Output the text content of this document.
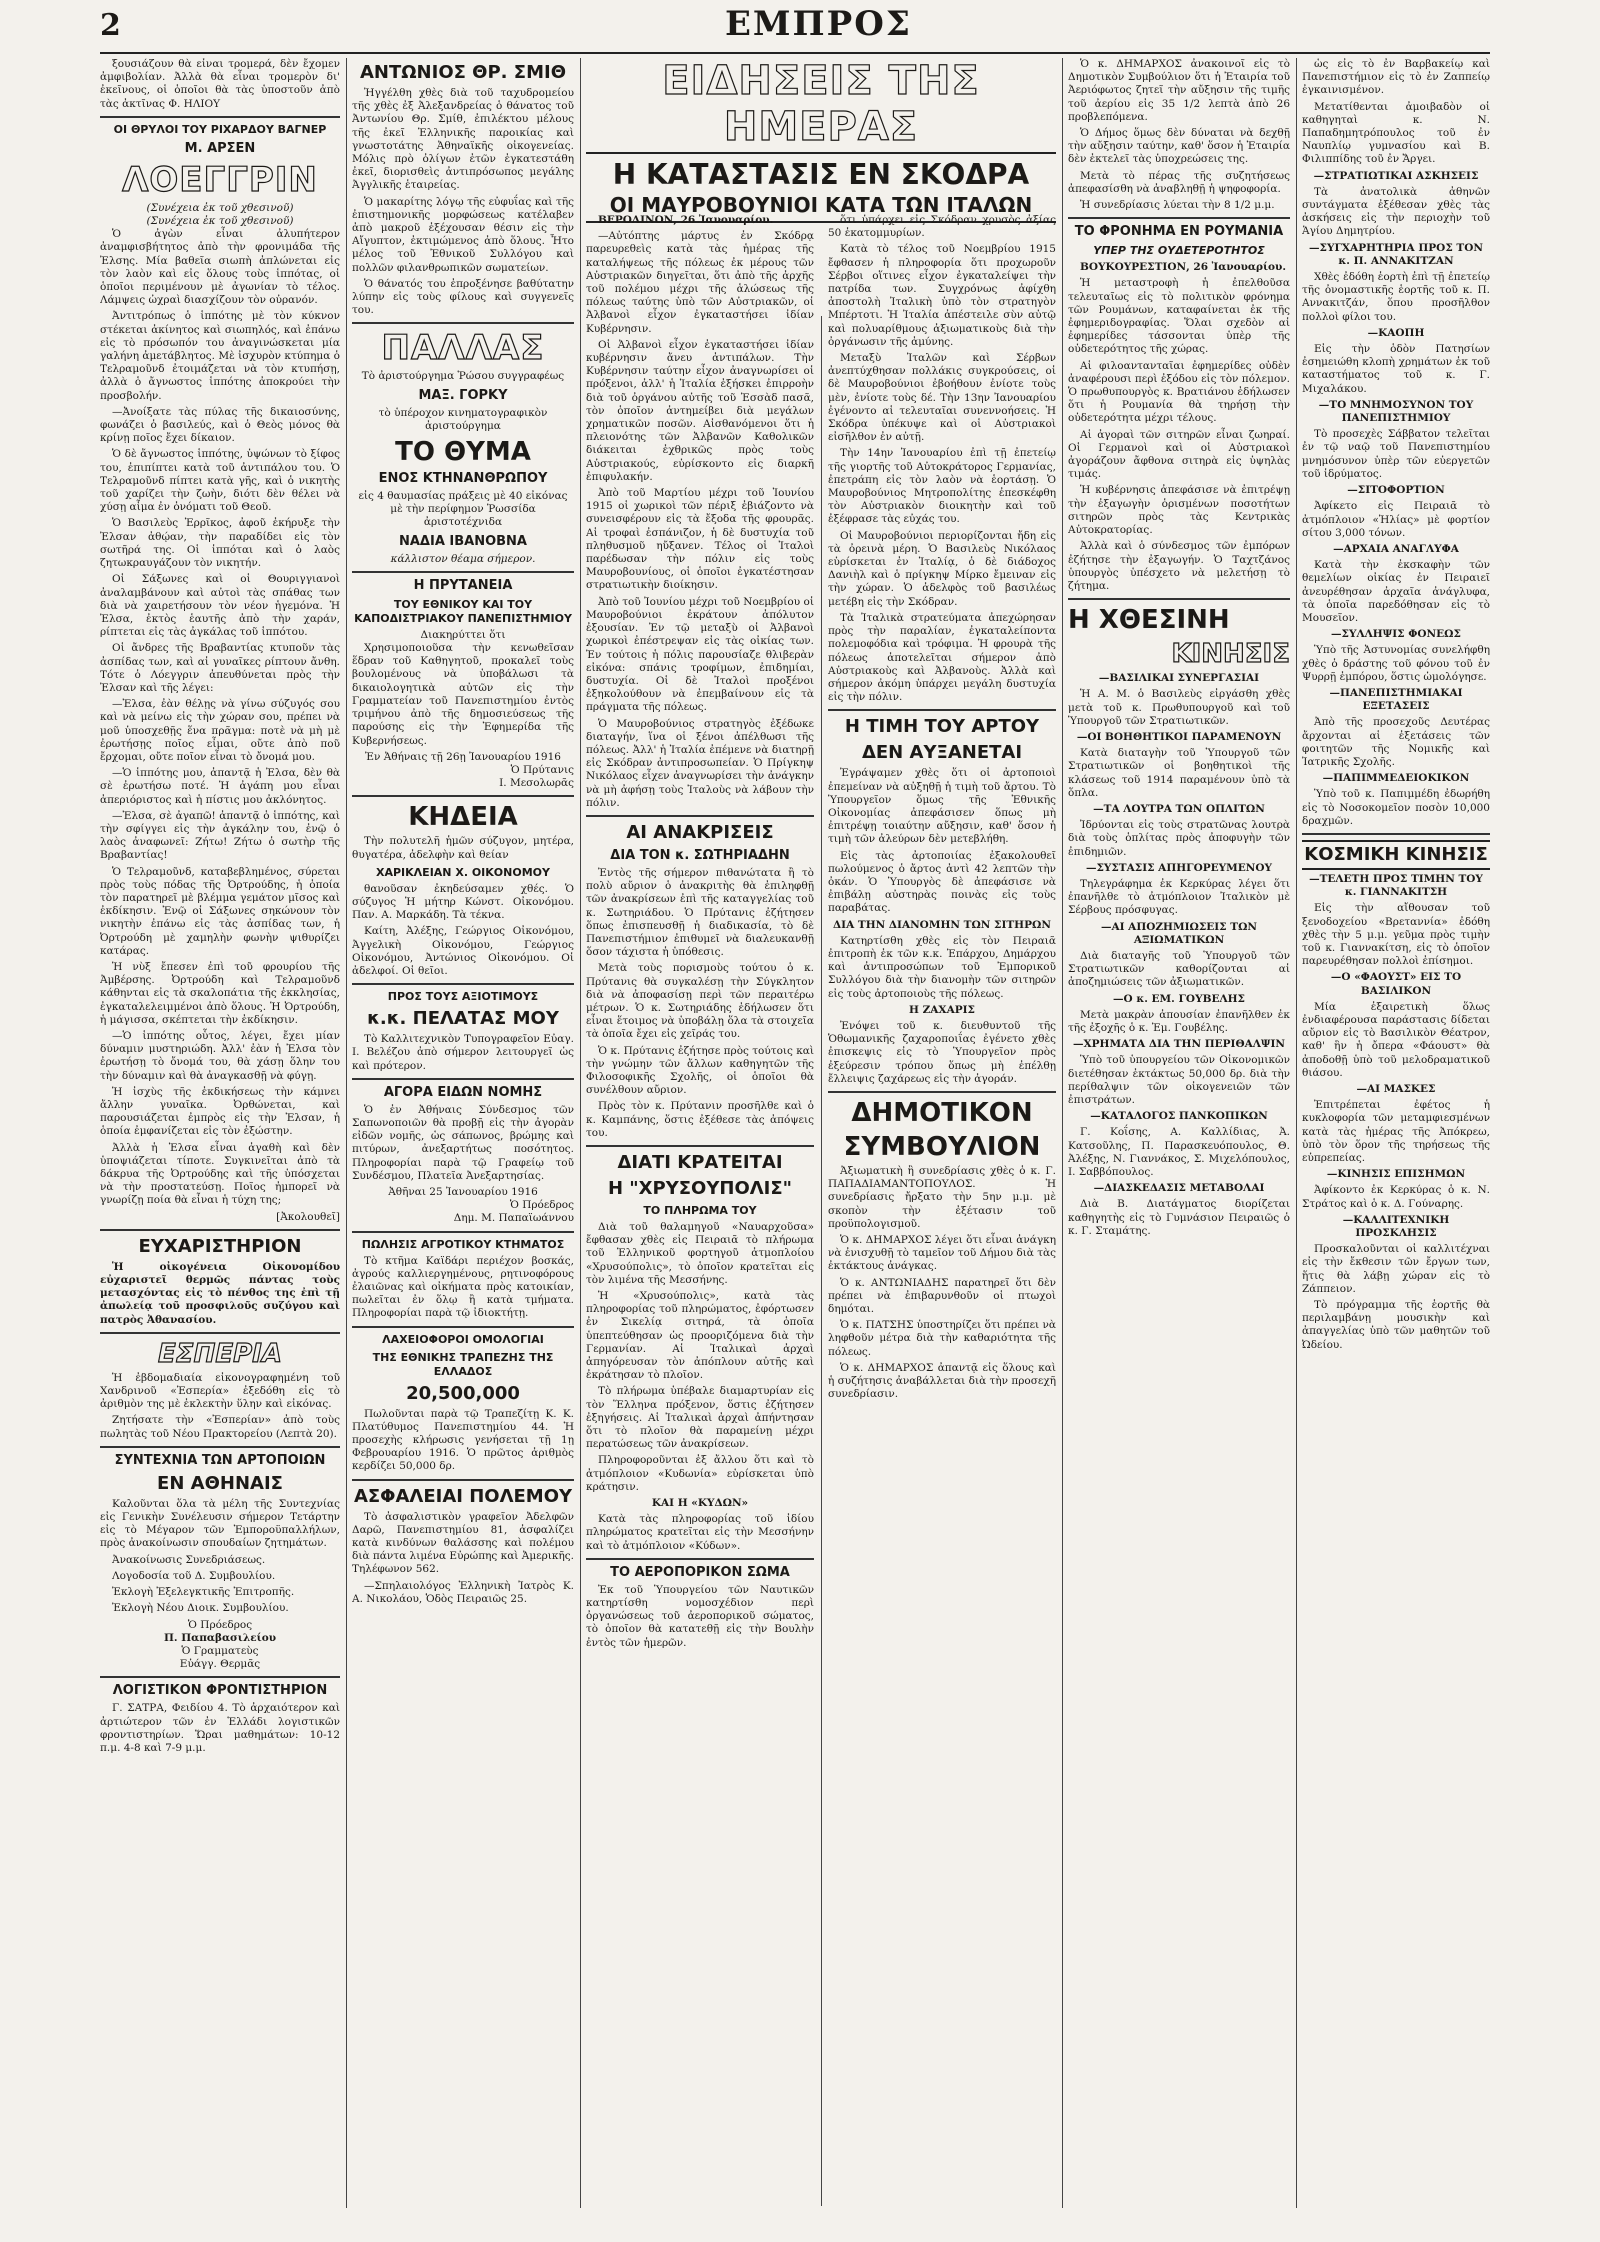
2	ΕΜΠΡΟΣ

ξουσιάζουν θὰ εἶναι τρομερά, δὲν ἔχομεν ἀμφιβολίαν. Ἀλλὰ θὰ εἶναι τρομερὸν δι' ἐκεῖνους, οἱ ὁποῖοι θὰ τὰς ὑποστοῦν ἀπὸ τὰς ἀκτῖνας Φ. ΗΛΙΟΥ

ΟΙ ΘΡΥΛΟΙ ΤΟΥ ΡΙΧΑΡΔΟΥ ΒΑΓΝΕΡ
Μ. ΑΡΣΕΝ
ΛΟΕΓΓΡΙΝ
(Συνέχεια ἐκ τοῦ χθεσινοῦ)
(Συνέχεια ἐκ τοῦ χθεσινοῦ)

Ὁ ἀγὼν εἶναι ἀλυπήτερον ἀναμφισβήτητος ἀπὸ τὴν φρονιμάδα τῆς Ἐλσης. Μία βαθεῖα σιωπὴ ἀπλώνεται εἰς τὸν λαὸν καὶ εἰς ὅλους τοὺς ἱππότας, οἱ ὁποῖοι περιμένουν μὲ ἀγωνίαν τὸ τέλος. Λάμψεις ὠχραὶ διασχίζουν τὸν οὐρανόν.

Ἀντιτρόπως ὁ ἱππότης μὲ τὸν κύκνον στέκεται ἀκίνητος καὶ σιωπηλός, καὶ ἐπάνω εἰς τὸ πρόσωπόν του ἀναγινώσκεται μία γαλήνη ἀμετάβλητος. Μὲ ἰσχυρὸν κτύπημα ὁ Τελραμοῦνδ ἐτοιμάζεται νὰ τὸν κτυπήσῃ, ἀλλὰ ὁ ἄγνωστος ἱππότης ἀποκρούει τὴν προσβολήν.

—Ἀνοίξατε τὰς πύλας τῆς δικαιοσύνης, φωνάζει ὁ βασιλεύς, καὶ ὁ Θεὸς μόνος θὰ κρίνῃ ποῖος ἔχει δίκαιον.

Ὁ δὲ ἄγνωστος ἱππότης, ὑψώνων τὸ ξίφος του, ἐπιπίπτει κατὰ τοῦ ἀντιπάλου του. Ὁ Τελραμοῦνδ πίπτει κατὰ γῆς, καὶ ὁ νικητὴς τοῦ χαρίζει τὴν ζωὴν, διότι δὲν θέλει νὰ χύσῃ αἷμα ἐν ὀνόματι τοῦ Θεοῦ.

Ὁ Βασιλεὺς Ἐρρῖκος, ἀφοῦ ἐκήρυξε τὴν Ἐλσαν ἀθῴαν, τὴν παραδίδει εἰς τὸν σωτῆρά της. Οἱ ἱππόται καὶ ὁ λαὸς ζητωκραυγάζουν τὸν νικητήν.

Οἱ Σάξωνες καὶ οἱ Θουριγγιανοὶ ἀναλαμβάνουν καὶ αὐτοὶ τὰς σπάθας των διὰ νὰ χαιρετήσουν τὸν νέον ἡγεμόνα. Ἡ Ἐλσα, ἐκτὸς ἑαυτῆς ἀπὸ τὴν χαράν, ρίπτεται εἰς τὰς ἀγκάλας τοῦ ἱππότου.

Οἱ ἄνδρες τῆς Βραβαντίας κτυποῦν τὰς ἀσπίδας των, καὶ αἱ γυναῖκες ρίπτουν ἄνθη. Τότε ὁ Λόεγγριν ἀπευθύνεται πρὸς τὴν Ἐλσαν καὶ τῆς λέγει:

—Ἐλσα, ἐὰν θέλῃς νὰ γίνω σύζυγός σου καὶ νὰ μείνω εἰς τὴν χώραν σου, πρέπει νὰ μοῦ ὑποσχεθῇς ἕνα πρᾶγμα: ποτὲ νὰ μὴ μὲ ἐρωτήσῃς ποῖος εἶμαι, οὔτε ἀπὸ ποῦ ἔρχομαι, οὔτε ποῖον εἶναι τὸ ὄνομά μου.

—Ὁ ἱππότης μου, ἀπαντᾷ ἡ Ἐλσα, δὲν θὰ σὲ ἐρωτήσω ποτέ. Ἡ ἀγάπη μου εἶναι ἀπεριόριστος καὶ ἡ πίστις μου ἀκλόνητος.

—Ἐλσα, σὲ ἀγαπῶ! ἀπαντᾷ ὁ ἱππότης, καὶ τὴν σφίγγει εἰς τὴν ἀγκάλην του, ἐνῷ ὁ λαὸς ἀναφωνεῖ: Ζήτω! Ζήτω ὁ σωτὴρ τῆς Βραβαντίας!

Ὁ Τελραμοῦνδ, καταβεβλημένος, σύρεται πρὸς τοὺς πόδας τῆς Ὀρτρούδης, ἡ ὁποία τὸν παρατηρεῖ μὲ βλέμμα γεμάτον μῖσος καὶ ἐκδίκησιν. Ἐνῷ οἱ Σάξωνες σηκώνουν τὸν νικητὴν ἐπάνω εἰς τὰς ἀσπίδας των, ἡ Ὀρτρούδη μὲ χαμηλὴν φωνὴν ψιθυρίζει κατάρας.

Ἡ νὺξ ἔπεσεν ἐπὶ τοῦ φρουρίου τῆς Ἀμβέρσης. Ὀρτρούδη καὶ Τελραμοῦνδ κάθηνται εἰς τὰ σκαλοπάτια τῆς ἐκκλησίας, ἐγκαταλελειμμένοι ἀπὸ ὅλους. Ἡ Ὀρτρούδη, ἡ μάγισσα, σκέπτεται τὴν ἐκδίκησιν.

—Ὁ ἱππότης οὗτος, λέγει, ἔχει μίαν δύναμιν μυστηριώδη. Ἀλλ' ἐὰν ἡ Ἐλσα τὸν ἐρωτήσῃ τὸ ὄνομά του, θὰ χάσῃ ὅλην του τὴν δύναμιν καὶ θὰ ἀναγκασθῇ νὰ φύγῃ.

Ἡ ἰσχὺς τῆς ἐκδικήσεως τὴν κάμνει ἄλλην γυναῖκα. Ὀρθώνεται, καὶ παρουσιάζεται ἐμπρὸς εἰς τὴν Ἐλσαν, ἡ ὁποία ἐμφανίζεται εἰς τὸν ἐξώστην.

Ἀλλὰ ἡ Ἐλσα εἶναι ἀγαθὴ καὶ δὲν ὑποψιάζεται τίποτε. Συγκινεῖται ἀπὸ τὰ δάκρυα τῆς Ὀρτρούδης καὶ τῆς ὑπόσχεται νὰ τὴν προστατεύσῃ. Ποῖος ἠμπορεῖ νὰ γνωρίζῃ ποία θὰ εἶναι ἡ τύχη της;

[Ἀκολουθεῖ]
ΕΥΧΑΡΙΣΤΗΡΙΟΝ

Ἡ οἰκογένεια Οἰκονομίδου εὐχαριστεῖ θερμῶς πάντας τοὺς μετασχόντας εἰς τὸ πένθος της ἐπὶ τῇ ἀπωλείᾳ τοῦ προσφιλοῦς συζύγου καὶ πατρὸς Ἀθανασίου.

ΕΣΠΕΡΙΑ

Ἡ ἐβδομαδιαία εἰκονογραφημένη τοῦ Χανδρινοῦ «Ἐσπερία» ἐξεδόθη εἰς τὸ ἀριθμὸν της μὲ ἐκλεκτὴν ὕλην καὶ εἰκόνας.

Ζητήσατε τὴν «Ἐσπερίαν» ἀπὸ τοὺς πωλητὰς τοῦ Νέου Πρακτορείου (Λεπτὰ 20).

ΣΥΝΤΕΧΝΙΑ ΤΩΝ ΑΡΤΟΠΟΙΩΝ
ΕΝ ΑΘΗΝΑΙΣ

Καλοῦνται ὅλα τὰ μέλη τῆς Συντεχνίας εἰς Γενικὴν Συνέλευσιν σήμερον Τετάρτην εἰς τὸ Μέγαρον τῶν Ἐμποροϋπαλλήλων, πρὸς ἀνακοίνωσιν σπουδαίων ζητημάτων.

Ἀνακοίνωσις Συνεδριάσεως.

Λογοδοσία τοῦ Δ. Συμβουλίου.

Ἐκλογὴ Ἐξελεγκτικῆς Ἐπιτροπῆς.

Ἐκλογὴ Νέου Διοικ. Συμβουλίου.

Ὁ Πρόεδρος
Π. Παπαβασιλείου
Ὁ Γραμματεὺς
Εὐάγγ. Θερμᾶς
ΛΟΓΙΣΤΙΚΟΝ ΦΡΟΝΤΙΣΤΗΡΙΟΝ

Γ. ΣΑΤΡΑ, Φειδίου 4. Τὸ ἀρχαιότερον καὶ ἀρτιώτερον τῶν ἐν Ἑλλάδι λογιστικῶν φροντιστηρίων. Ὥραι μαθημάτων: 10-12 π.μ. 4-8 καὶ 7-9 μ.μ.

ΑΝΤΩΝΙΟΣ ΘΡ. ΣΜΙΘ

Ἠγγέλθη χθὲς διὰ τοῦ ταχυδρομείου τῆς χθὲς ἐξ Ἀλεξανδρείας ὁ θάνατος τοῦ Ἀντωνίου Θρ. Σμίθ, ἐπιλέκτου μέλους τῆς ἐκεῖ Ἑλληνικῆς παροικίας καὶ γνωστοτάτης Ἀθηναϊκῆς οἰκογενείας. Μόλις πρὸ ὀλίγων ἐτῶν ἐγκατεστάθη ἐκεῖ, διορισθεὶς ἀντιπρόσωπος μεγάλης Ἀγγλικῆς ἑταιρείας.

Ὁ μακαρίτης λόγῳ τῆς εὐφυΐας καὶ τῆς ἐπιστημονικῆς μορφώσεως κατέλαβεν ἀπὸ μακροῦ ἐξέχουσαν θέσιν εἰς τὴν Αἴγυπτον, ἐκτιμώμενος ἀπὸ ὅλους. Ἦτο μέλος τοῦ Ἐθνικοῦ Συλλόγου καὶ πολλῶν φιλανθρωπικῶν σωματείων.

Ὁ θάνατός του ἐπροξένησε βαθύτατην λύπην εἰς τοὺς φίλους καὶ συγγενεῖς του.

ΠΑΛΛΑΣ
Τὸ ἀριστούργημα Ῥώσου συγγραφέως
ΜΑΞ. ΓΟΡΚΥ
τὸ ὑπέροχον κινηματογραφικὸν ἀριστούργημα
ΤΟ ΘΥΜΑ
ΕΝΟΣ ΚΤΗΝΑΝΘΡΩΠΟΥ
εἰς 4 θαυμασίας πράξεις μὲ 40 εἰκόνας μὲ τὴν περίφημον Ῥωσσίδα ἀριστοτέχνιδα
ΝΑΔΙΑ ΙΒΑΝΟΒΝΑ
κάλλιστον θέαμα σήμερον.
Η ΠΡΥΤΑΝΕΙΑ
ΤΟΥ ΕΘΝΙΚΟΥ ΚΑΙ ΤΟΥ ΚΑΠΟΔΙΣΤΡΙΑΚΟΥ ΠΑΝΕΠΙΣΤΗΜΙΟΥ
Διακηρύττει ὅτι

Χρησιμοποιοῦσα τὴν κενωθεῖσαν ἕδραν τοῦ Καθηγητοῦ, προκαλεῖ τοὺς βουλομένους νὰ ὑποβάλωσι τὰ δικαιολογητικὰ αὐτῶν εἰς τὴν Γραμματείαν τοῦ Πανεπιστημίου ἐντὸς τριμήνου ἀπὸ τῆς δημοσιεύσεως τῆς παρούσης εἰς τὴν Ἐφημερίδα τῆς Κυβερνήσεως.

Ἐν Ἀθήναις τῇ 26ῃ Ἰανουαρίου 1916
Ὁ Πρύτανις
Ι. Μεσολωρᾶς
ΚΗΔΕΙΑ

Τὴν πολυτελῆ ἡμῶν σύζυγον, μητέρα, θυγατέρα, ἀδελφὴν καὶ θείαν

ΧΑΡΙΚΛΕΙΑΝ Χ. ΟΙΚΟΝΟΜΟΥ

θανοῦσαν ἐκηδεύσαμεν χθές. Ὁ σύζυγος Ἡ μήτηρ Κώνστ. Οἰκονόμου. Παν. Α. Μαρκάδη. Τὰ τέκνα.

Καίτη, Ἀλέξης, Γεώργιος Οἰκονόμου, Ἀγγελικὴ Οἰκονόμου, Γεώργιος Οἰκονόμου, Ἀντώνιος Οἰκονόμου. Οἱ ἀδελφοί. Οἱ θεῖοι.

ΠΡΟΣ ΤΟΥΣ ΑΞΙΟΤΙΜΟΥΣ
κ.κ. ΠΕΛΑΤΑΣ ΜΟΥ

Τὸ Καλλιτεχνικὸν Τυπογραφεῖον Εὐαγ. Ι. Βελέζου ἀπὸ σήμερον λειτουργεῖ ὡς καὶ πρότερον.

ΑΓΟΡΑ ΕΙΔΩΝ ΝΟΜΗΣ

Ὁ ἐν Ἀθήναις Σύνδεσμος τῶν Σαπωνοποιῶν θὰ προβῇ εἰς τὴν ἀγορὰν εἰδῶν νομῆς, ὡς σάπωνος, βρώμης καὶ πιτύρων, ἀνεξαρτήτως ποσότητος. Πληροφορίαι παρὰ τῷ Γραφείῳ τοῦ Συνδέσμου, Πλατεῖα Ἀνεξαρτησίας.

Ἀθῆναι 25 Ἰανουαρίου 1916
Ὁ Πρόεδρος
Δημ. Μ. Παπαϊωάννου
ΠΩΛΗΣΙΣ ΑΓΡΟΤΙΚΟΥ ΚΤΗΜΑΤΟΣ

Τὸ κτῆμα Καϊδάρι περιέχον βοσκάς, ἀγρούς καλλιεργημένους, ρητινοφόρους ἐλαιῶνας καὶ οἰκήματα πρὸς κατοικίαν, πωλεῖται ἐν ὅλῳ ἢ κατὰ τμήματα. Πληροφορίαι παρὰ τῷ ἰδιοκτήτῃ.

ΛΑΧΕΙΟΦΟΡΟΙ ΟΜΟΛΟΓΙΑΙ
ΤΗΣ ΕΘΝΙΚΗΣ ΤΡΑΠΕΖΗΣ ΤΗΣ ΕΛΛΑΔΟΣ
20,500,000

Πωλοῦνται παρὰ τῷ Τραπεζίτῃ Κ. Κ. Πλατύθυμος Πανεπιστημίου 44. Ἡ προσεχὴς κλήρωσις γενήσεται τῇ 1ῃ Φεβρουαρίου 1916. Ὁ πρῶτος ἀριθμὸς κερδίζει 50,000 δρ.

ΑΣΦΑΛΕΙΑΙ ΠΟΛΕΜΟΥ

Τὸ ἀσφαλιστικὸν γραφεῖον Ἀδελφῶν Δαρῶ, Πανεπιστημίου 81, ἀσφαλίζει κατὰ κινδύνων θαλάσσης καὶ πολέμου διὰ πάντα λιμένα Εὐρώπης καὶ Ἀμερικῆς. Τηλέφωνον 562.

—Σπηλαιολόγος Ἑλληνικὴ Ἰατρὸς Κ. Α. Νικολάου, Ὁδὸς Πειραιῶς 25.

ΕΙΔΗΣΕΙΣ ΤΗΣ ΗΜΕΡΑΣ
Η ΚΑΤΑΣΤΑΣΙΣ ΕΝ ΣΚΟΔΡΑ
ΟΙ ΜΑΥΡΟΒΟΥΝΙΟΙ ΚΑΤΑ ΤΩΝ ΙΤΑΛΩΝ

ΒΕΡΟΛΙΝΟΝ, 26 Ἰανουαρίου.

—Αὐτόπτης μάρτυς ἐν Σκόδρᾳ παρευρεθεὶς κατὰ τὰς ἡμέρας τῆς καταλήψεως τῆς πόλεως ἐκ μέρους τῶν Αὐστριακῶν διηγεῖται, ὅτι ἀπὸ τῆς ἀρχῆς τοῦ πολέμου μέχρι τῆς ἁλώσεως τῆς πόλεως ταύτης ὑπὸ τῶν Αὐστριακῶν, οἱ Ἀλβανοὶ εἶχον ἐγκαταστήσει ἰδίαν Κυβέρνησιν.

Οἱ Ἀλβανοὶ εἶχον ἐγκαταστήσει ἰδίαν κυβέρνησιν ἄνευ ἀντιπάλων. Τὴν Κυβέρνησιν ταύτην εἶχον ἀναγνωρίσει οἱ πρόξενοι, ἀλλ' ἡ Ἰταλία ἐξήσκει ἐπιρροὴν διὰ τοῦ ὀργάνου αὐτῆς τοῦ Ἐσσὰδ πασᾶ, τὸν ὁποῖον ἀντημείβει διὰ μεγάλων χρηματικῶν ποσῶν. Αἰσθανόμενοι ὅτι ἡ πλειονότης τῶν Ἀλβανῶν Καθολικῶν διάκειται ἐχθρικῶς πρὸς τοὺς Αὐστριακούς, εὐρίσκοντο εἰς διαρκῆ ἐπιφυλακήν.

Ἀπὸ τοῦ Μαρτίου μέχρι τοῦ Ἰουνίου 1915 οἱ χωρικοὶ τῶν πέριξ ἐβιάζοντο νὰ συνεισφέρουν εἰς τὰ ἔξοδα τῆς φρουρᾶς. Αἱ τροφαὶ ἐσπάνιζον, ἡ δὲ δυστυχία τοῦ πληθυσμοῦ ηὔξανεν. Τέλος οἱ Ἰταλοὶ παρέδωσαν τὴν πόλιν εἰς τοὺς Μαυροβουνίους, οἱ ὁποῖοι ἐγκατέστησαν στρατιωτικὴν διοίκησιν.

Ἀπὸ τοῦ Ἰουνίου μέχρι τοῦ Νοεμβρίου οἱ Μαυροβούνιοι ἐκράτουν ἀπόλυτον ἐξουσίαν. Ἐν τῷ μεταξὺ οἱ Ἀλβανοὶ χωρικοὶ ἐπέστρεψαν εἰς τὰς οἰκίας των. Ἐν τούτοις ἡ πόλις παρουσίαζε θλιβερὰν εἰκόνα: σπάνις τροφίμων, ἐπιδημίαι, δυστυχία. Οἱ δὲ Ἰταλοὶ προξένοι ἐξηκολούθουν νὰ ἐπεμβαίνουν εἰς τὰ πράγματα τῆς πόλεως.

Ὁ Μαυροβούνιος στρατηγὸς ἐξέδωκε διαταγήν, ἵνα οἱ ξένοι ἀπέλθωσι τῆς πόλεως. Ἀλλ' ἡ Ἰταλία ἐπέμενε νὰ διατηρῇ εἰς Σκόδραν ἀντιπροσωπείαν. Ὁ Πρίγκηψ Νικόλαος εἶχεν ἀναγνωρίσει τὴν ἀνάγκην νὰ μὴ ἀφήσῃ τοὺς Ἰταλοὺς νὰ λάβουν τὴν πόλιν.

ΑΙ ΑΝΑΚΡΙΣΕΙΣ
ΔΙΑ ΤΟΝ κ. ΣΩΤΗΡΙΑΔΗΝ

Ἐντὸς τῆς σήμερον πιθανώτατα ἢ τὸ πολὺ αὔριον ὁ ἀνακριτὴς θὰ ἐπιληφθῇ τῶν ἀνακρίσεων ἐπὶ τῆς καταγγελίας τοῦ κ. Σωτηριάδου. Ὁ Πρύτανις ἐζήτησεν ὅπως ἐπισπευσθῇ ἡ διαδικασία, τὸ δὲ Πανεπιστήμιον ἐπιθυμεῖ νὰ διαλευκανθῇ ὅσον τάχιστα ἡ ὑπόθεσις.

Μετὰ τοὺς πορισμοὺς τούτου ὁ κ. Πρύτανις θὰ συγκαλέσῃ τὴν Σύγκλητον διὰ νὰ ἀποφασίσῃ περὶ τῶν περαιτέρω μέτρων. Ὁ κ. Σωτηριάδης ἐδήλωσεν ὅτι εἶναι ἕτοιμος νὰ ὑποβάλῃ ὅλα τὰ στοιχεῖα τὰ ὁποῖα ἔχει εἰς χεῖράς του.

Ὁ κ. Πρύτανις ἐζήτησε πρὸς τούτοις καὶ τὴν γνώμην τῶν ἄλλων καθηγητῶν τῆς Φιλοσοφικῆς Σχολῆς, οἱ ὁποῖοι θὰ συνέλθουν αὔριον.

Πρὸς τὸν κ. Πρύτανιν προσῆλθε καὶ ὁ κ. Καμπάνης, ὅστις ἐξέθεσε τὰς ἀπόψεις του.

ΔΙΑΤΙ ΚΡΑΤΕΙΤΑΙ
Η "ΧΡΥΣΟΥΠΟΛΙΣ"
ΤΟ ΠΛΗΡΩΜΑ ΤΟΥ

Διὰ τοῦ θαλαμηγοῦ «Ναυαρχοῦσα» ἔφθασαν χθὲς εἰς Πειραιᾶ τὸ πλήρωμα τοῦ Ἑλληνικοῦ φορτηγοῦ ἀτμοπλοίου «Χρυσούπολις», τὸ ὁποῖον κρατεῖται εἰς τὸν λιμένα τῆς Μεσσήνης.

Ἡ «Χρυσούπολις», κατὰ τὰς πληροφορίας τοῦ πληρώματος, ἐφόρτωσεν ἐν Σικελίᾳ σιτηρά, τὰ ὁποῖα ὑπεπτεύθησαν ὡς προοριζόμενα διὰ τὴν Γερμανίαν. Αἱ Ἰταλικαὶ ἀρχαὶ ἀπηγόρευσαν τὸν ἀπόπλουν αὐτῆς καὶ ἐκράτησαν τὸ πλοῖον.

Τὸ πλήρωμα ὑπέβαλε διαμαρτυρίαν εἰς τὸν Ἕλληνα πρόξενον, ὅστις ἐζήτησεν ἐξηγήσεις. Αἱ Ἰταλικαὶ ἀρχαὶ ἀπήντησαν ὅτι τὸ πλοῖον θὰ παραμείνῃ μέχρι περατώσεως τῶν ἀνακρίσεων.

Πληροφοροῦνται ἐξ ἄλλου ὅτι καὶ τὸ ἀτμόπλοιον «Κυδωνία» εὑρίσκεται ὑπὸ κράτησιν.

ΚΑΙ Η «ΚΥΔΩΝ»

Κατὰ τὰς πληροφορίας τοῦ ἰδίου πληρώματος κρατεῖται εἰς τὴν Μεσσήνην καὶ τὸ ἀτμόπλοιον «Κύδων».

ΤΟ ΑΕΡΟΠΟΡΙΚΟΝ ΣΩΜΑ

Ἐκ τοῦ Ὑπουργείου τῶν Ναυτικῶν κατηρτίσθη νομοσχέδιον περὶ ὀργανώσεως τοῦ ἀεροπορικοῦ σώματος, τὸ ὁποῖον θὰ κατατεθῇ εἰς τὴν Βουλὴν ἐντὸς τῶν ἡμερῶν.

ὅτι ὑπάρχει εἰς Σκόδραν χρυσὸς ἀξίας 50 ἑκατομμυρίων.

Κατὰ τὸ τέλος τοῦ Νοεμβρίου 1915 ἔφθασεν ἡ πληροφορία ὅτι προχωροῦν Σέρβοι οἵτινες εἶχον ἐγκαταλείψει τὴν πατρίδα των. Συγχρόνως ἀφίχθη ἀποστολὴ Ἰταλικὴ ὑπὸ τὸν στρατηγὸν Μπέρτοτι. Ἡ Ἰταλία ἀπέστειλε σὺν αὐτῷ καὶ πολυαρίθμους ἀξιωματικοὺς διὰ τὴν ὀργάνωσιν τῆς ἀμύνης.

Μεταξὺ Ἰταλῶν καὶ Σέρβων ἀνεπτύχθησαν πολλάκις συγκρούσεις, οἱ δὲ Μαυροβούνιοι ἐβοήθουν ἐνίοτε τοὺς μὲν, ἐνίοτε τοὺς δέ. Τὴν 13ην Ἰανουαρίου ἐγένοντο αἱ τελευταῖαι συνεννοήσεις. Ἡ Σκόδρα ὑπέκυψε καὶ οἱ Αὐστριακοὶ εἰσῆλθον ἐν αὐτῇ.

Τὴν 14ην Ἰανουαρίου ἐπὶ τῇ ἐπετείῳ τῆς γιορτῆς τοῦ Αὐτοκράτορος Γερμανίας, ἐπετράπη εἰς τὸν λαὸν νὰ ἑορτάσῃ. Ὁ Μαυροβούνιος Μητροπολίτης ἐπεσκέφθη τὸν Αὐστριακὸν διοικητὴν καὶ τοῦ ἐξέφρασε τὰς εὐχάς του.

Οἱ Μαυροβούνιοι περιορίζονται ἤδη εἰς τὰ ὀρεινὰ μέρη. Ὁ Βασιλεὺς Νικόλαος εὑρίσκεται ἐν Ἰταλίᾳ, ὁ δὲ διάδοχος Δανιὴλ καὶ ὁ πρίγκηψ Μίρκο ἔμειναν εἰς τὴν χώραν. Ὁ ἀδελφὸς τοῦ βασιλέως μετέβη εἰς τὴν Σκόδραν.

Τὰ Ἰταλικὰ στρατεύματα ἀπεχώρησαν πρὸς τὴν παραλίαν, ἐγκαταλείποντα πολεμοφόδια καὶ τρόφιμα. Ἡ φρουρὰ τῆς πόλεως ἀποτελεῖται σήμερον ἀπὸ Αὐστριακοὺς καὶ Ἀλβανοὺς. Ἀλλὰ καὶ σήμερον ἀκόμη ὑπάρχει μεγάλη δυστυχία εἰς τὴν πόλιν.

Η ΤΙΜΗ ΤΟΥ ΑΡΤΟΥ
ΔΕΝ ΑΥΞΑΝΕΤΑΙ

Ἐγράψαμεν χθὲς ὅτι οἱ ἀρτοποιοὶ ἐπεμείναν νὰ αὐξηθῇ ἡ τιμὴ τοῦ ἄρτου. Τὸ Ὑπουργεῖον ὅμως τῆς Ἐθνικῆς Οἰκονομίας ἀπεφάσισεν ὅπως μὴ ἐπιτρέψῃ τοιαύτην αὔξησιν, καθ' ὅσον ἡ τιμὴ τῶν ἀλεύρων δὲν μετεβλήθη.

Εἰς τὰς ἀρτοποιίας ἐξακολουθεῖ πωλούμενος ὁ ἄρτος ἀντὶ 42 λεπτῶν τὴν ὀκάν. Ὁ Ὑπουργὸς δὲ ἀπεφάσισε νὰ ἐπιβάλῃ αὐστηρὰς ποινὰς εἰς τοὺς παραβάτας.

ΔΙΑ ΤΗΝ ΔΙΑΝΟΜΗΝ ΤΩΝ ΣΙΤΗΡΩΝ

Κατηρτίσθη χθὲς εἰς τὸν Πειραιᾶ ἐπιτροπὴ ἐκ τῶν κ.κ. Ἐπάρχου, Δημάρχου καὶ ἀντιπροσώπων τοῦ Ἐμπορικοῦ Συλλόγου διὰ τὴν διανομὴν τῶν σιτηρῶν εἰς τοὺς ἀρτοποιοὺς τῆς πόλεως.

Η ΖΑΧΑΡΙΣ

Ἐνόψει τοῦ κ. διευθυντοῦ τῆς Ὁθωμανικῆς ζαχαροποιΐας ἐγένετο χθὲς ἐπισκεψις εἰς τὸ Ὑπουργεῖον πρὸς ἐξεύρεσιν τρόπου ὅπως μὴ ἐπέλθῃ ἔλλειψις ζαχάρεως εἰς τὴν ἀγοράν.

ΔΗΜΟΤΙΚΟΝ
ΣΥΜΒΟΥΛΙΟΝ

Ἀξιωματικὴ ἢ συνεδρίασις χθὲς ὁ κ. Γ. ΠΑΠΑΔΙΑΜΑΝΤΟΠΟΥΛΟΣ. Ἡ συνεδρίασις ἤρξατο τὴν 5ην μ.μ. μὲ σκοπὸν τὴν ἐξέτασιν τοῦ προϋπολογισμοῦ.

Ὁ κ. ΔΗΜΑΡΧΟΣ λέγει ὅτι εἶναι ἀνάγκη νὰ ἐνισχυθῇ τὸ ταμεῖον τοῦ Δήμου διὰ τὰς ἐκτάκτους ἀνάγκας.

Ὁ κ. ΑΝΤΩΝΙΑΔΗΣ παρατηρεῖ ὅτι δὲν πρέπει νὰ ἐπιβαρυνθοῦν οἱ πτωχοὶ δημόται.

Ὁ κ. ΠΑΤΣΗΣ ὑποστηρίζει ὅτι πρέπει νὰ ληφθοῦν μέτρα διὰ τὴν καθαριότητα τῆς πόλεως.

Ὁ κ. ΔΗΜΑΡΧΟΣ ἀπαντᾷ εἰς ὅλους καὶ ἡ συζήτησις ἀναβάλλεται διὰ τὴν προσεχῆ συνεδρίασιν.

Ὁ κ. ΔΗΜΑΡΧΟΣ ἀνακοινοῖ εἰς τὸ Δημοτικὸν Συμβούλιον ὅτι ἡ Ἐταιρία τοῦ Ἀεριόφωτος ζητεῖ τὴν αὔξησιν τῆς τιμῆς τοῦ ἀερίου εἰς 35 1/2 λεπτὰ ἀπὸ 26 προβλεπόμενα.

Ὁ Δήμος ὅμως δὲν δύναται νὰ δεχθῇ τὴν αὔξησιν ταύτην, καθ' ὅσον ἡ Ἐταιρία δὲν ἐκτελεῖ τὰς ὑποχρεώσεις της.

Μετὰ τὸ πέρας τῆς συζητήσεως ἀπεφασίσθη νὰ ἀναβληθῇ ἡ ψηφοφορία.

Ἡ συνεδρίασις λύεται τὴν 8 1/2 μ.μ.

ΤΟ ΦΡΟΝΗΜΑ ΕΝ ΡΟΥΜΑΝΙΑ
ΥΠΕΡ ΤΗΣ ΟΥΔΕΤΕΡΟΤΗΤΟΣ

ΒΟΥΚΟΥΡΕΣΤΙΟΝ, 26 Ἰανουαρίου.

Ἡ μεταστροφὴ ἡ ἐπελθοῦσα τελευταῖως εἰς τὸ πολιτικὸν φρόνημα τῶν Ρουμάνων, καταφαίνεται ἐκ τῆς ἐφημεριδογραφίας. Ὅλαι σχεδὸν αἱ ἐφημερίδες τάσσονται ὑπὲρ τῆς οὐδετερότητος τῆς χώρας.

Αἱ φιλοαντανταῖαι ἐφημερίδες οὐδὲν ἀναφέρουσι περὶ ἐξόδου εἰς τὸν πόλεμον. Ὁ πρωθυπουργὸς κ. Βρατιάνου ἐδήλωσεν ὅτι ἡ Ρουμανία θὰ τηρήσῃ τὴν οὐδετερότητα μέχρι τέλους.

Αἱ ἀγοραὶ τῶν σιτηρῶν εἶναι ζωηραί. Οἱ Γερμανοὶ καὶ οἱ Αὐστριακοὶ ἀγοράζουν ἄφθονα σιτηρὰ εἰς ὑψηλὰς τιμάς.

Ἡ κυβέρνησις ἀπεφάσισε νὰ ἐπιτρέψῃ τὴν ἐξαγωγὴν ὁρισμένων ποσοτήτων σιτηρῶν πρὸς τὰς Κεντρικὰς Αὐτοκρατορίας.

Ἀλλὰ καὶ ὁ σύνδεσμος τῶν ἐμπόρων ἐζήτησε τὴν ἐξαγωγήν. Ὁ Ταχτζάνος ὑπουργὸς ὑπέσχετο νὰ μελετήσῃ τὸ ζήτημα.

Η ΧΘΕΣΙΝΗ
ΚΙΝΗΣΙΣ
—ΒΑΣΙΛΙΚΑΙ ΣΥΝΕΡΓΑΣΙΑΙ

Ἡ Α. Μ. ὁ Βασιλεὺς εἰργάσθη χθὲς μετὰ τοῦ κ. Πρωθυπουργοῦ καὶ τοῦ Ὑπουργοῦ τῶν Στρατιωτικῶν.

—ΟΙ ΒΟΗΘΗΤΙΚΟΙ ΠΑΡΑΜΕΝΟΥΝ

Κατὰ διαταγὴν τοῦ Ὑπουργοῦ τῶν Στρατιωτικῶν οἱ βοηθητικοὶ τῆς κλάσεως τοῦ 1914 παραμένουν ὑπὸ τὰ ὅπλα.

—ΤΑ ΛΟΥΤΡΑ ΤΩΝ ΟΠΛΙΤΩΝ

Ἰδρύονται εἰς τοὺς στρατῶνας λουτρὰ διὰ τοὺς ὁπλίτας πρὸς ἀποφυγὴν τῶν ἐπιδημιῶν.

—ΣΥΣΤΑΣΙΣ ΑΠΗΓΟΡΕΥΜΕΝΟΥ

Τηλεγράφημα ἐκ Κερκύρας λέγει ὅτι ἐπανῆλθε τὸ ἀτμόπλοιον Ἰταλικὸν μὲ Σέρβους πρόσφυγας.

—ΑΙ ΑΠΟΖΗΜΙΩΣΕΙΣ ΤΩΝ ΑΞΙΩΜΑΤΙΚΩΝ

Διὰ διαταγῆς τοῦ Ὑπουργοῦ τῶν Στρατιωτικῶν καθορίζονται αἱ ἀποζημιώσεις τῶν ἀξιωματικῶν.

—Ο κ. ΕΜ. ΓΟΥΒΕΛΗΣ

Μετὰ μακρὰν ἀπουσίαν ἐπανῆλθεν ἐκ τῆς ἐξοχῆς ὁ κ. Ἐμ. Γουβέλης.

—ΧΡΗΜΑΤΑ ΔΙΑ ΤΗΝ ΠΕΡΙΘΑΛΨΙΝ

Ὑπὸ τοῦ ὑπουργείου τῶν Οἰκονομικῶν διετέθησαν ἐκτάκτως 50,000 δρ. διὰ τὴν περίθαλψιν τῶν οἰκογενειῶν τῶν ἐπιστράτων.

—ΚΑΤΑΛΟΓΟΣ ΠΑΝΚΟΠΙΚΩΝ

Γ. Κοΐσης, Α. Καλλίδιας, Ἀ. Κατσοῦλης, Π. Παρασκευόπουλος, Θ. Ἀλέξης, Ν. Γιαννάκος, Σ. Μιχελόπουλος, Ι. Σαββόπουλος.

—ΔΙΑΣΚΕΔΑΣΙΣ ΜΕΤΑΒΟΛΑΙ

Διὰ Β. Διατάγματος διορίζεται καθηγητὴς εἰς τὸ Γυμνάσιον Πειραιῶς ὁ κ. Γ. Σταμάτης.

ὡς εἰς τὸ ἐν Βαρβακείῳ καὶ Πανεπιστήμιον εἰς τὸ ἐν Ζαππείῳ ἐγκαινισμένον.

Μετατίθενται ἀμοιβαδὸν οἱ καθηγηταὶ κ. Ν. Παπαδημητρόπουλος τοῦ ἐν Ναυπλίῳ γυμνασίου καὶ Β. Φιλιππίδης τοῦ ἐν Ἄργει.

—ΣΤΡΑΤΙΩΤΙΚΑΙ ΑΣΚΗΣΕΙΣ

Τὰ ἀνατολικὰ ἀθηνῶν συντάγματα ἐξέθεσαν χθὲς τὰς ἀσκήσεις εἰς τὴν περιοχὴν τοῦ Ἁγίου Δημητρίου.

—ΣΥΓΧΑΡΗΤΗΡΙΑ ΠΡΟΣ ΤΟΝ κ. Π. ΑΝΝΑΚΙΤΖΑΝ

Χθὲς ἐδόθη ἑορτὴ ἐπὶ τῇ ἐπετείῳ τῆς ὀνομαστικῆς ἑορτῆς τοῦ κ. Π. Αννακιτζάν, ὅπου προσῆλθον πολλοὶ φίλοι του.

—ΚΑΟΠΗ

Εἰς τὴν ὁδὸν Πατησίων ἐσημειώθη κλοπὴ χρημάτων ἐκ τοῦ καταστήματος τοῦ κ. Γ. Μιχαλάκου.

—ΤΟ ΜΝΗΜΟΣΥΝΟΝ ΤΟΥ ΠΑΝΕΠΙΣΤΗΜΙΟΥ

Τὸ προσεχὲς Σάββατον τελεῖται ἐν τῷ ναῷ τοῦ Πανεπιστημίου μνημόσυνον ὑπὲρ τῶν εὐεργετῶν τοῦ ἱδρύματος.

—ΣΙΤΟΦΟΡΤΙΟΝ

Ἀφίκετο εἰς Πειραιᾶ τὸ ἀτμόπλοιον «Ἠλίας» μὲ φορτίον σίτου 3,000 τόνων.

—ΑΡΧΑΙΑ ΑΝΑΓΛΥΦΑ

Κατὰ τὴν ἐκσκαφὴν τῶν θεμελίων οἰκίας ἐν Πειραιεῖ ἀνευρέθησαν ἀρχαῖα ἀνάγλυφα, τὰ ὁποῖα παρεδόθησαν εἰς τὸ Μουσεῖον.

—ΣΥΛΛΗΨΙΣ ΦΟΝΕΩΣ

Ὑπὸ τῆς Ἀστυνομίας συνελήφθη χθὲς ὁ δράστης τοῦ φόνου τοῦ ἐν Ψυρρῇ ἐμπόρου, ὅστις ὡμολόγησε.

—ΠΑΝΕΠΙΣΤΗΜΙΑΚΑΙ ΕΞΕΤΑΣΕΙΣ

Ἀπὸ τῆς προσεχοῦς Δευτέρας ἄρχονται αἱ ἐξετάσεις τῶν φοιτητῶν τῆς Νομικῆς καὶ Ἰατρικῆς Σχολῆς.

—ΠΑΠΙΜΜΕΔΕΙΟΚΙΚΟΝ

Ὑπὸ τοῦ κ. Παπιμμέδη ἐδωρήθη εἰς τὸ Νοσοκομεῖον ποσὸν 10,000 δραχμῶν.

ΚΟΣΜΙΚΗ ΚΙΝΗΣΙΣ
—ΤΕΛΕΤΗ ΠΡΟΣ ΤΙΜΗΝ ΤΟΥ κ. ΓΙΑΝΝΑΚΙΤΣΗ

Εἰς τὴν αἴθουσαν τοῦ ξενοδοχείου «Βρεταννία» ἐδόθη χθὲς τὴν 5 μ.μ. γεῦμα πρὸς τιμὴν τοῦ κ. Γιαννακίτση, εἰς τὸ ὁποῖον παρευρέθησαν πολλοὶ ἐπίσημοι.

—Ο «ΦΑΟΥΣΤ» ΕΙΣ ΤΟ ΒΑΣΙΛΙΚΟΝ

Μία ἐξαιρετικὴ ὅλως ἐνδιαφέρουσα παράστασις δίδεται αὔριον εἰς τὸ Βασιλικὸν Θέατρον, καθ' ἣν ἡ ὄπερα «Φάουστ» θὰ ἀποδοθῇ ὑπὸ τοῦ μελοδραματικοῦ θιάσου.

—ΑΙ ΜΑΣΚΕΣ

Ἐπιτρέπεται ἐφέτος ἡ κυκλοφορία τῶν μεταμφιεσμένων κατὰ τὰς ἡμέρας τῆς Ἀπόκρεω, ὑπὸ τὸν ὅρον τῆς τηρήσεως τῆς εὐπρεπείας.

—ΚΙΝΗΣΙΣ ΕΠΙΣΗΜΩΝ

Ἀφίκοντο ἐκ Κερκύρας ὁ κ. Ν. Στράτος καὶ ὁ κ. Δ. Γούναρης.

—ΚΑΛΛΙΤΕΧΝΙΚΗ ΠΡΟΣΚΛΗΣΙΣ

Προσκαλοῦνται οἱ καλλιτέχναι εἰς τὴν ἔκθεσιν τῶν ἔργων των, ἥτις θὰ λάβῃ χώραν εἰς τὸ Ζάππειον.

Τὸ πρόγραμμα τῆς ἑορτῆς θὰ περιλαμβάνῃ μουσικὴν καὶ ἀπαγγελίας ὑπὸ τῶν μαθητῶν τοῦ Ὠδείου.
